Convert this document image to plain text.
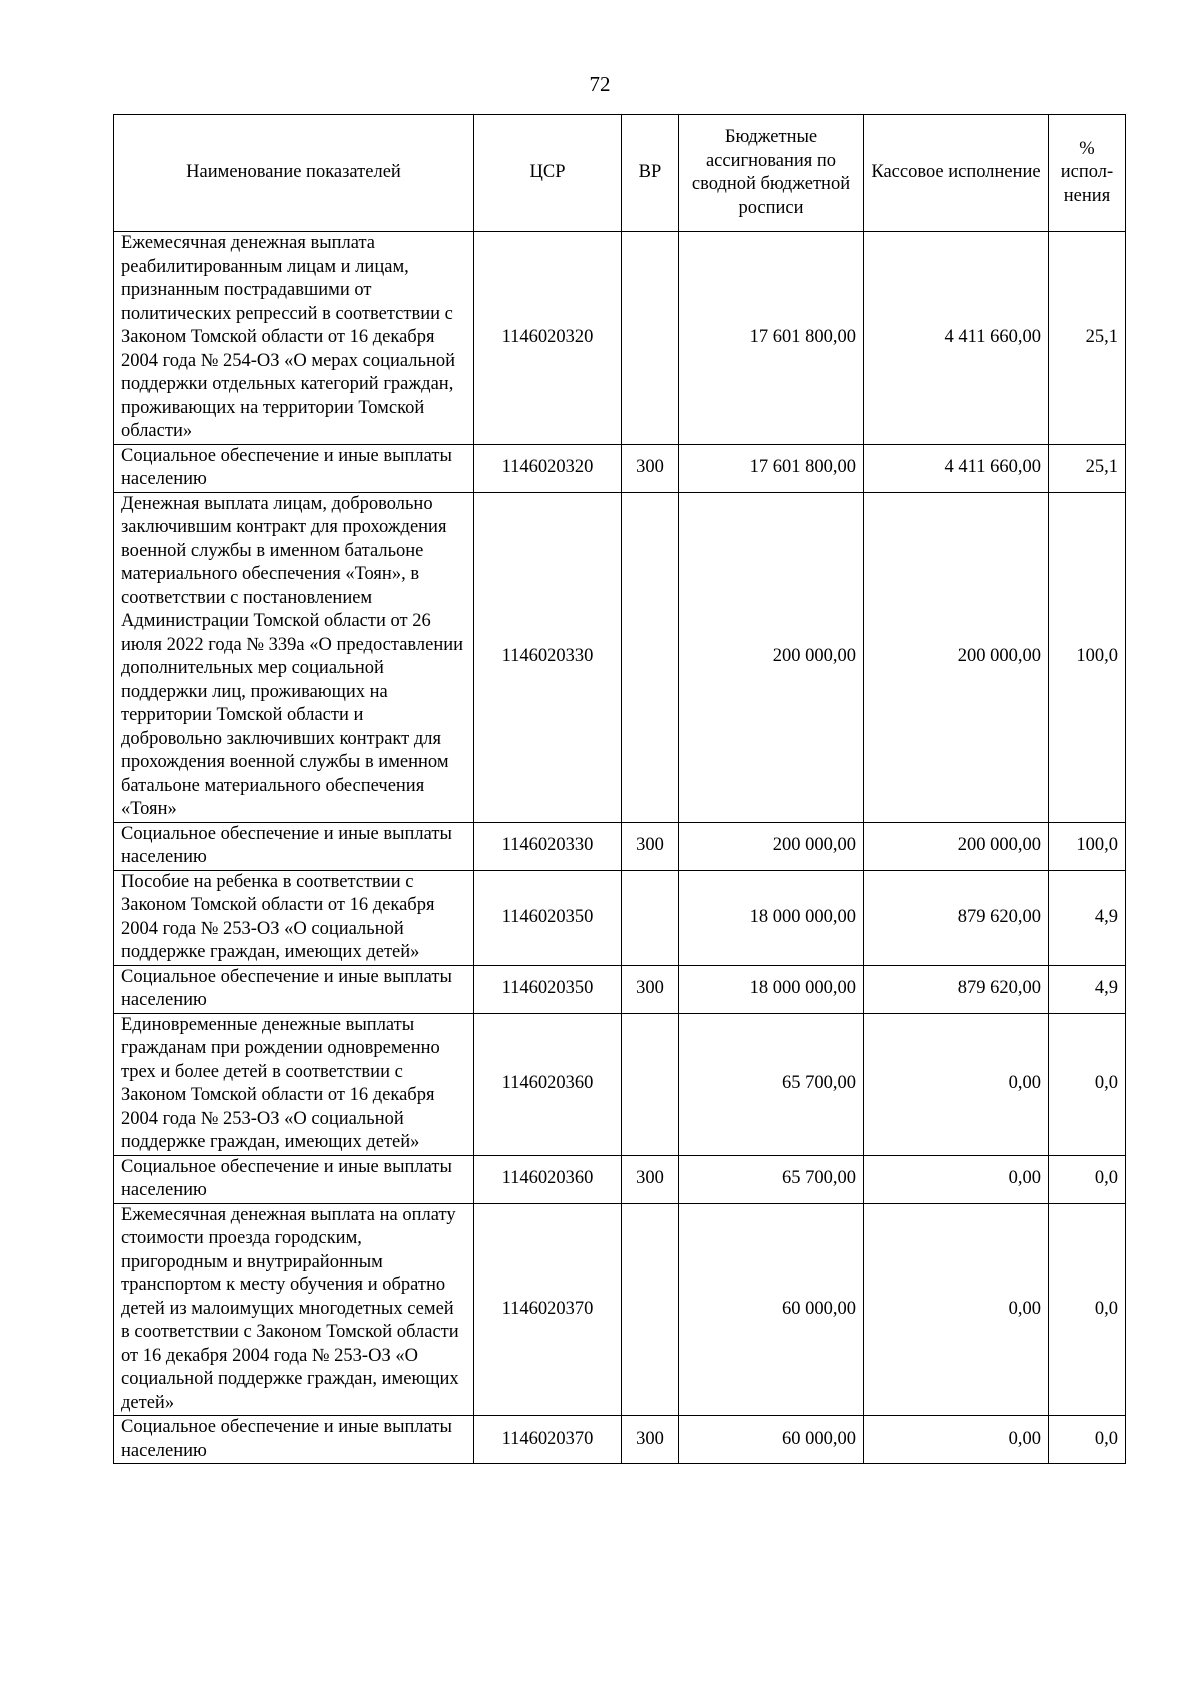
72
Наименование показателей	ЦСР	ВР	Бюджетные ассигнования по сводной бюджетной росписи	Кассовое исполнение	% испол-нения
Ежемесячная денежная выплата реабилитированным лицам и лицам, признанным пострадавшими от политических репрессий в соответствии с Законом Томской области от 16 декабря 2004 года № 254-ОЗ «О мерах социальной поддержки отдельных категорий граждан, проживающих на территории Томской области»	1146020320		17 601 800,00	4 411 660,00	25,1
Социальное обеспечение и иные выплаты населению	1146020320	300	17 601 800,00	4 411 660,00	25,1
Денежная выплата лицам, добровольно заключившим контракт для прохождения военной службы в именном батальоне материального обеспечения «Тоян», в соответствии с постановлением Администрации Томской области от 26 июля 2022 года № 339а «О предоставлении дополнительных мер социальной поддержки лиц, проживающих на территории Томской области и добровольно заключивших контракт для прохождения военной службы в именном батальоне материального обеспечения «Тоян»	1146020330		200 000,00	200 000,00	100,0
Социальное обеспечение и иные выплаты населению	1146020330	300	200 000,00	200 000,00	100,0
Пособие на ребенка в соответствии с Законом Томской области от 16 декабря 2004 года № 253-ОЗ «О социальной поддержке граждан, имеющих детей»	1146020350		18 000 000,00	879 620,00	4,9
Социальное обеспечение и иные выплаты населению	1146020350	300	18 000 000,00	879 620,00	4,9
Единовременные денежные выплаты гражданам при рождении одновременно трех и более детей в соответствии с Законом Томской области от 16 декабря 2004 года № 253-ОЗ «О социальной поддержке граждан, имеющих детей»	1146020360		65 700,00	0,00	0,0
Социальное обеспечение и иные выплаты населению	1146020360	300	65 700,00	0,00	0,0
Ежемесячная денежная выплата на оплату стоимости проезда городским, пригородным и внутрирайонным транспортом к месту обучения и обратно детей из малоимущих многодетных семей в соответствии с Законом Томской области от 16 декабря 2004 года № 253-ОЗ «О социальной поддержке граждан, имеющих детей»	1146020370		60 000,00	0,00	0,0
Социальное обеспечение и иные выплаты населению	1146020370	300	60 000,00	0,00	0,0
